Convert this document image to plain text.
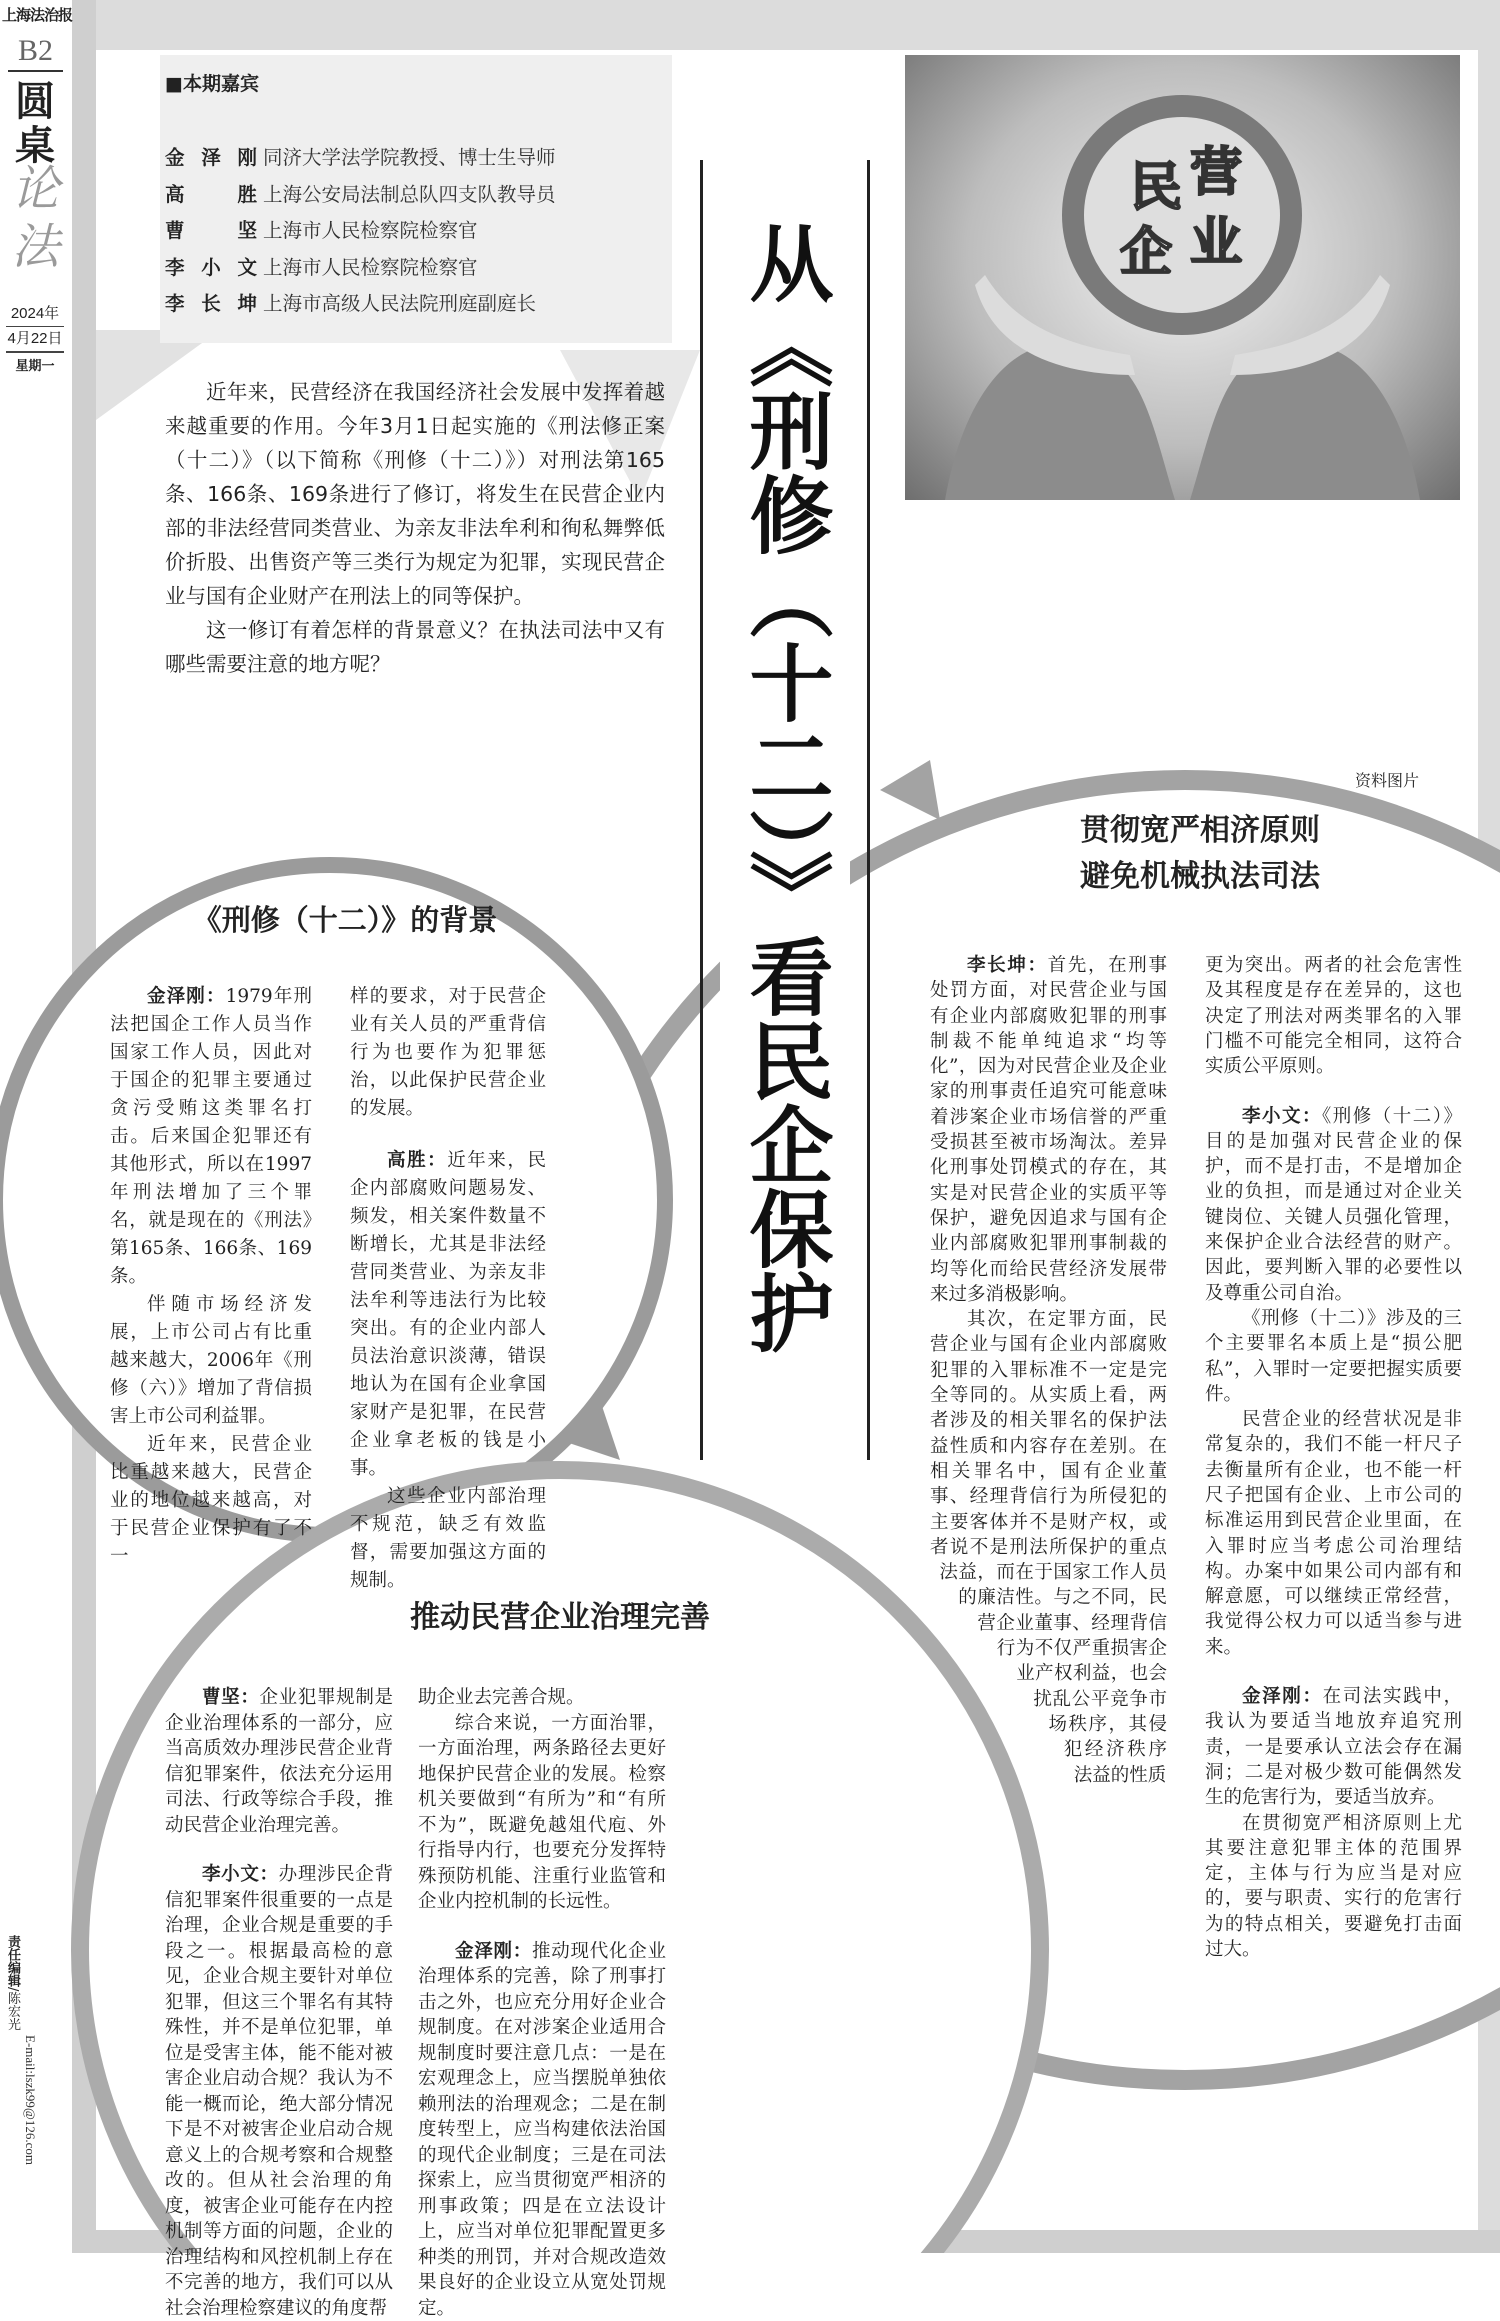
上海法治报
B2
圆桌
论法
2024年
4月22日
星期一
责任编辑/陈宏光
E-mail:lszk99@126.com
■本期嘉宾
金泽刚 同济大学法学院教授、博士生导师
高胜 上海公安局法制总队四支队教导员
曹坚 上海市人民检察院检察官
李小文 上海市人民检察院检察官
李长坤 上海市高级人民法院刑庭副庭长

近年来，民营经济在我国经济社会发展中发挥着越来越重要的作用。今年3月1日起实施的《刑法修正案（十二）》（以下简称《刑修（十二）》）对刑法第165条、166条、169条进行了修订，将发生在民营企业内部的非法经营同类营业、为亲友非法牟利和徇私舞弊低价折股、出售资产等三类行为规定为犯罪，实现民营企业与国有企业财产在刑法上的同等保护。

这一修订有着怎样的背景意义？在执法司法中又有哪些需要注意的地方呢？	从《刑修（十二）》看民企保护
民 营
企 业
资料图片
贯彻宽严相济原则
避免机械执法司法

李长坤：首先，在刑事处罚方面，对民营企业与国有企业内部腐败犯罪的刑事制裁不能单纯追求“均等化”，因为对民营企业及企业家的刑事责任追究可能意味着涉案企业市场信誉的严重受损甚至被市场淘汰。差异化刑事处罚模式的存在，其实是对民营企业的实质平等保护，避免因追求与国有企业内部腐败犯罪刑事制裁的均等化而给民营经济发展带来过多消极影响。

其次，在定罪方面，民营企业与国有企业内部腐败犯罪的入罪标准不一定是完全等同的。从实质上看，两者涉及的相关罪名的保护法益性质和内容存在差别。在相关罪名中，国有企业董事、经理背信行为所侵犯的主要客体并不是财产权，或者说不是刑法所保护的重点法益，而在于国家工作人员的廉洁性。与之不同，民营企业董事、经理背信行为不仅严重损害企业产权利益，也会扰乱公平竞争市场秩序，其侵犯经济秩序法益的性质

更为突出。两者的社会危害性及其程度是存在差异的，这也决定了刑法对两类罪名的入罪门槛不可能完全相同，这符合实质公平原则。

李小文：《刑修（十二）》目的是加强对民营企业的保护，而不是打击，不是增加企业的负担，而是通过对企业关键岗位、关键人员强化管理，来保护企业合法经营的财产。因此，要判断入罪的必要性以及尊重公司自治。

《刑修（十二）》涉及的三个主要罪名本质上是“损公肥私”，入罪时一定要把握实质要件。

民营企业的经营状况是非常复杂的，我们不能一杆尺子去衡量所有企业，也不能一杆尺子把国有企业、上市公司的标准运用到民营企业里面，在入罪时应当考虑公司治理结构。办案中如果公司内部有和解意愿，可以继续正常经营，我觉得公权力可以适当参与进来。

金泽刚：在司法实践中，我认为要适当地放弃追究刑责，一是要承认立法会存在漏洞；二是对极少数可能偶然发生的危害行为，要适当放弃。

在贯彻宽严相济原则上尤其要注意犯罪主体的范围界定，主体与行为应当是对应的，要与职责、实行的危害行为的特点相关，要避免打击面过大。

《刑修（十二）》的背景

金泽刚：1979年刑法把国企工作人员当作国家工作人员，因此对于国企的犯罪主要通过贪污受贿这类罪名打击。后来国企犯罪还有其他形式，所以在1997年刑法增加了三个罪名，就是现在的《刑法》第165条、166条、169条。

伴随市场经济发展，上市公司占有比重越来越大，2006年《刑修（六）》增加了背信损害上市公司利益罪。

近年来，民营企业比重越来越大，民营企业的地位越来越高，对于民营企业保护有了不一

样的要求，对于民营企业有关人员的严重背信行为也要作为犯罪惩治，以此保护民营企业的发展。

高胜：近年来，民企内部腐败问题易发、频发，相关案件数量不断增长，尤其是非法经营同类营业、为亲友非法牟利等违法行为比较突出。有的企业内部人员法治意识淡薄，错误地认为在国有企业拿国家财产是犯罪，在民营企业拿老板的钱是小事。

这些企业内部治理不规范，缺乏有效监督，需要加强这方面的规制。

推动民营企业治理完善

曹坚：企业犯罪规制是企业治理体系的一部分，应当高质效办理涉民营企业背信犯罪案件，依法充分运用司法、行政等综合手段，推动民营企业治理完善。

李小文：办理涉民企背信犯罪案件很重要的一点是治理，企业合规是重要的手段之一。根据最高检的意见，企业合规主要针对单位犯罪，但这三个罪名有其特殊性，并不是单位犯罪，单位是受害主体，能不能对被害企业启动合规？我认为不能一概而论，绝大部分情况下是不对被害企业启动合规意义上的合规考察和合规整改的。但从社会治理的角度，被害企业可能存在内控机制等方面的问题，企业的治理结构和风控机制上存在不完善的地方，我们可以从社会治理检察建议的角度帮

助企业去完善合规。

综合来说，一方面治罪，一方面治理，两条路径去更好地保护民营企业的发展。检察机关要做到“有所为”和“有所不为”，既避免越俎代庖、外行指导内行，也要充分发挥特殊预防机能、注重行业监管和企业内控机制的长远性。

金泽刚：推动现代化企业治理体系的完善，除了刑事打击之外，也应充分用好企业合规制度。在对涉案企业适用合规制度时要注意几点：一是在宏观理念上，应当摆脱单独依赖刑法的治理观念；二是在制度转型上，应当构建依法治国的现代企业制度；三是在司法探索上，应当贯彻宽严相济的刑事政策；四是在立法设计上，应当对单位犯罪配置更多种类的刑罚，并对合规改造效果良好的企业设立从宽处罚规定。
